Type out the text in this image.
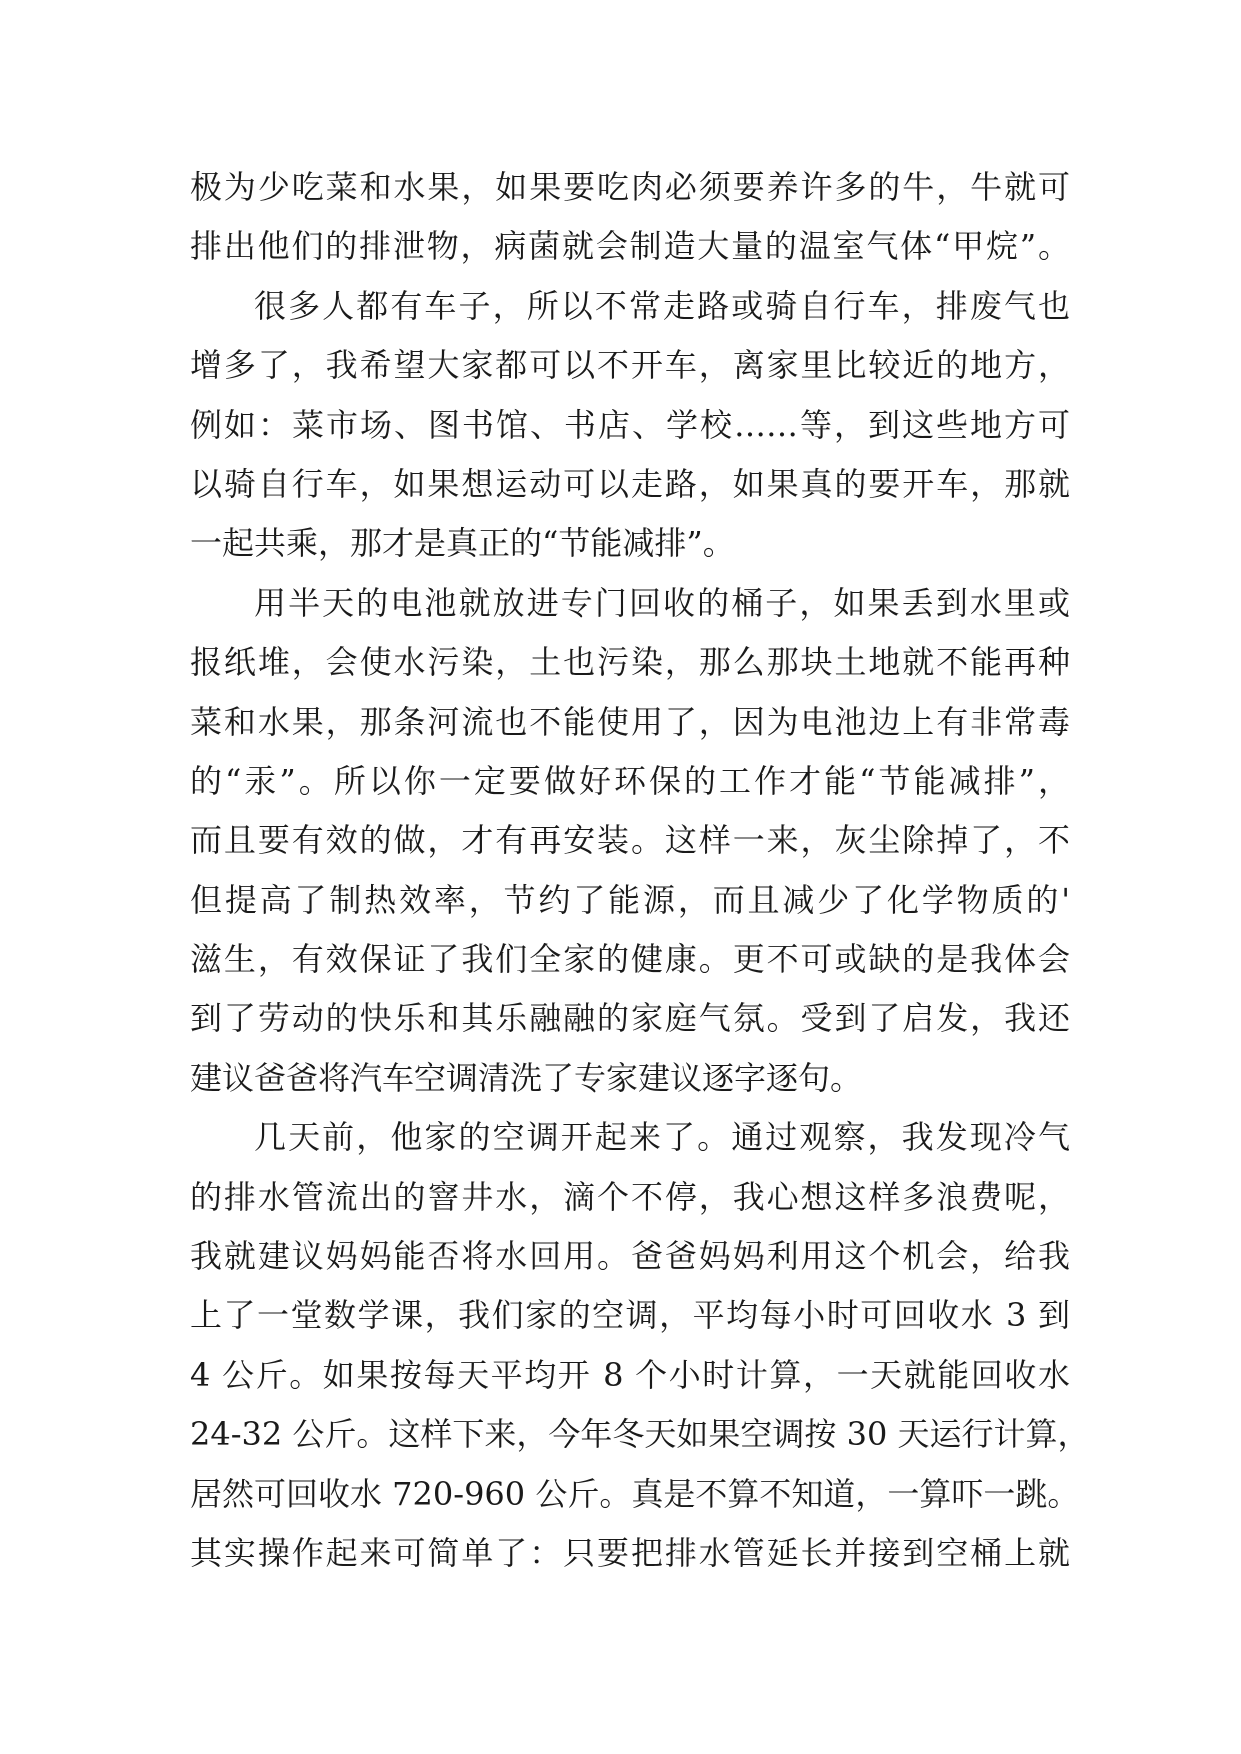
极为少吃菜和水果，如果要吃肉必须要养许多的牛，牛就可
排出他们的排泄物，病菌就会制造大量的温室气体“甲烷”。
很多人都有车子，所以不常走路或骑自行车，排废气也
增多了，我希望大家都可以不开车，离家里比较近的地方，
例如：菜市场、图书馆、书店、学校……等，到这些地方可
以骑自行车，如果想运动可以走路，如果真的要开车，那就
一起共乘，那才是真正的“节能减排”。
用半天的电池就放进专门回收的桶子，如果丢到水里或
报纸堆，会使水污染，土也污染，那么那块土地就不能再种
菜和水果，那条河流也不能使用了，因为电池边上有非常毒
的“汞”。所以你一定要做好环保的工作才能“节能减排”，
而且要有效的做，才有再安装。这样一来，灰尘除掉了，不
但提高了制热效率，节约了能源，而且减少了化学物质的'
滋生，有效保证了我们全家的健康。更不可或缺的是我体会
到了劳动的快乐和其乐融融的家庭气氛。受到了启发，我还
建议爸爸将汽车空调清洗了专家建议逐字逐句。
几天前，他家的空调开起来了。通过观察，我发现冷气
的排水管流出的窨井水，滴个不停，我心想这样多浪费呢，
我就建议妈妈能否将水回用。爸爸妈妈利用这个机会，给我
上了一堂数学课，我们家的空调，平均每小时可回收水 3 到
4 公斤。如果按每天平均开 8 个小时计算，一天就能回收水
24-32 公斤。这样下来，今年冬天如果空调按 30 天运行计算，
居然可回收水 720-960 公斤。真是不算不知道，一算吓一跳。
其实操作起来可简单了：只要把排水管延长并接到空桶上就
